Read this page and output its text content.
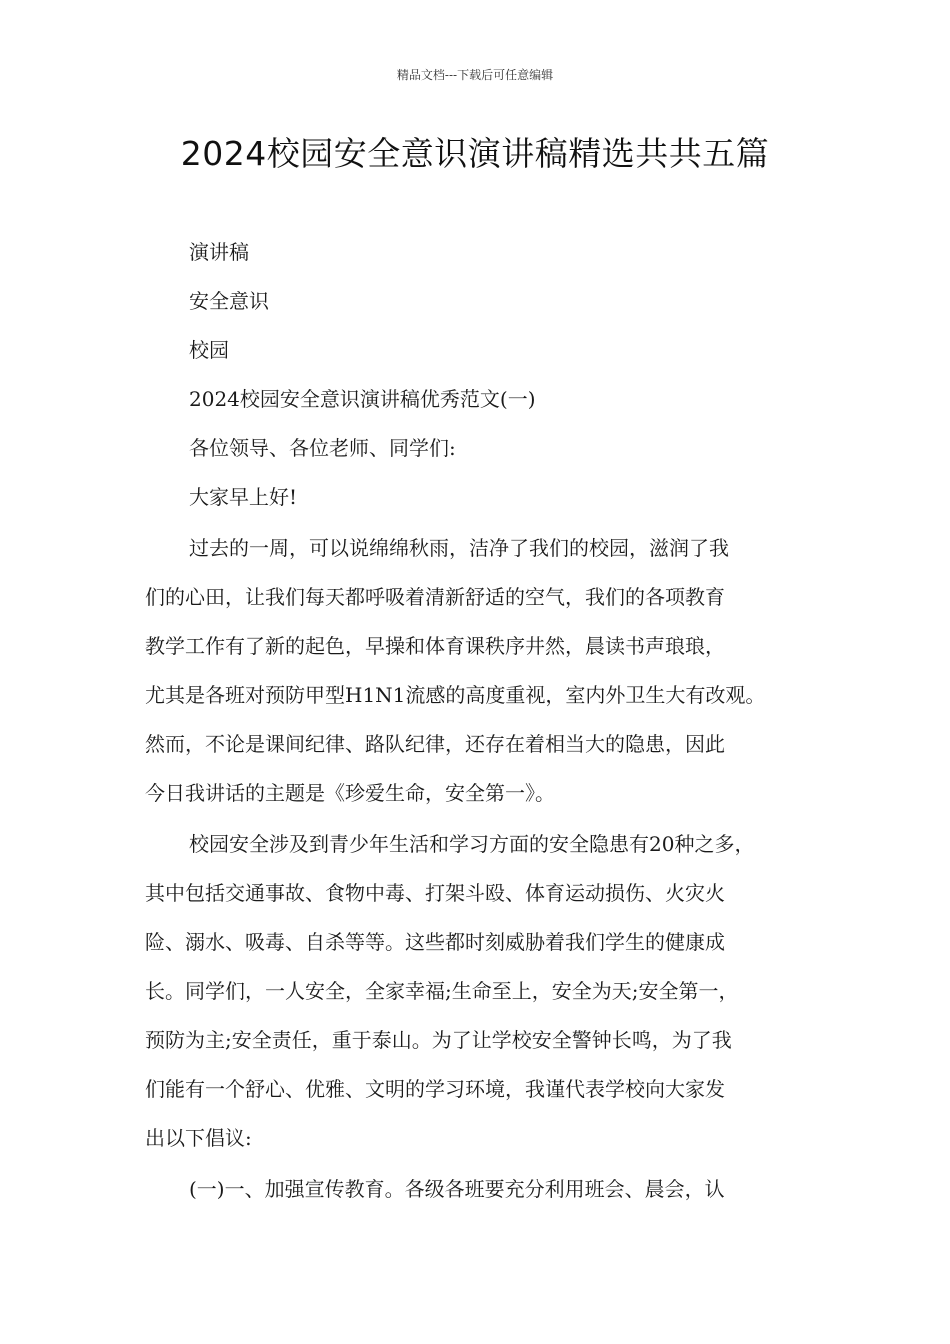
精品文档---下载后可任意编辑
2024校园安全意识演讲稿精选共共五篇
演讲稿
安全意识
校园
2024校园安全意识演讲稿优秀范文(一)
各位领导、各位老师、同学们:
大家早上好!

过去的一周，可以说绵绵秋雨，洁净了我们的校园，滋润了我
们的心田，让我们每天都呼吸着清新舒适的空气，我们的各项教育
教学工作有了新的起色，早操和体育课秩序井然，晨读书声琅琅，
尤其是各班对预防甲型H1N1流感的高度重视，室内外卫生大有改观。
然而，不论是课间纪律、路队纪律，还存在着相当大的隐患，因此
今日我讲话的主题是《珍爱生命，安全第一》。

校园安全涉及到青少年生活和学习方面的安全隐患有20种之多，
其中包括交通事故、食物中毒、打架斗殴、体育运动损伤、火灾火
险、溺水、吸毒、自杀等等。这些都时刻威胁着我们学生的健康成
长。同学们，一人安全，全家幸福;生命至上，安全为天;安全第一，
预防为主;安全责任，重于泰山。为了让学校安全警钟长鸣，为了我
们能有一个舒心、优雅、文明的学习环境，我谨代表学校向大家发
出以下倡议:

(一)一、加强宣传教育。各级各班要充分利用班会、晨会，认
